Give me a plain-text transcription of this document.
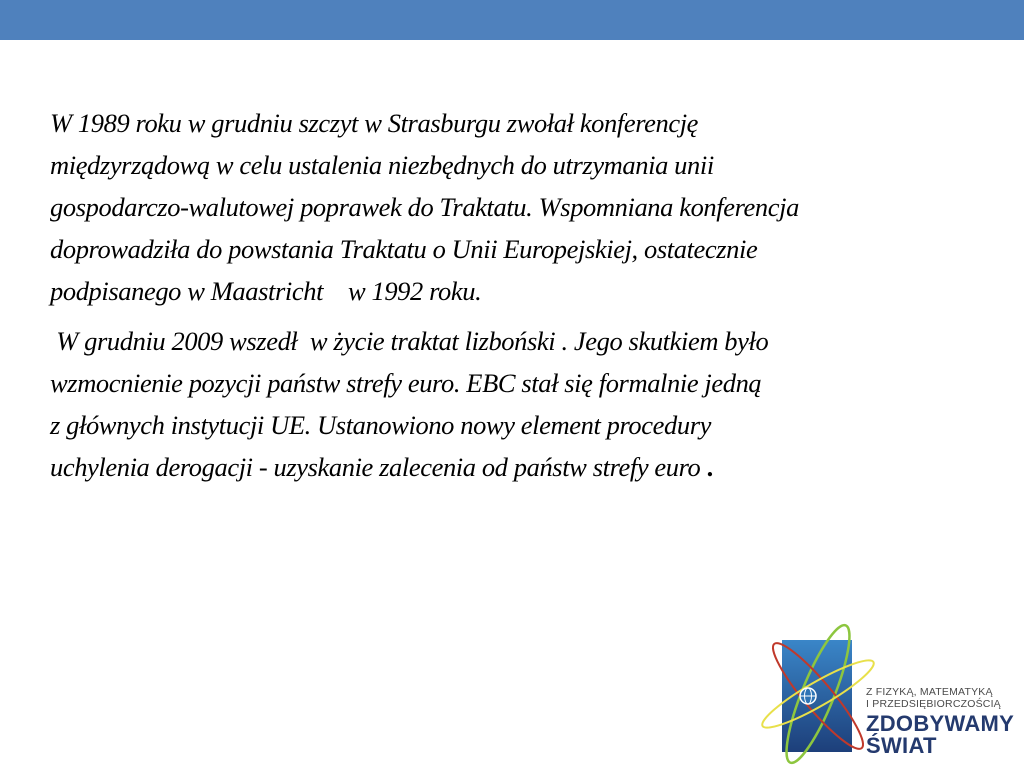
W 1989 roku w grudniu szczyt w Strasburgu zwołał konferencję
międzyrządową w celu ustalenia niezbędnych do utrzymania unii
gospodarczo-walutowej poprawek do Traktatu. Wspomniana konferencja
doprowadziła do powstania Traktatu o Unii Europejskiej, ostatecznie
podpisanego w Maastricht    w 1992 roku.

W grudniu 2009 wszedł  w życie traktat lizboński . Jego skutkiem było
wzmocnienie pozycji państw strefy euro. EBC stał się formalnie jedną
z głównych instytucji UE. Ustanowiono nowy element procedury
uchylenia derogacji - uzyskanie zalecenia od państw strefy euro .

Z FIZYKĄ, MATEMATYKĄ
I PRZEDSIĘBIORCZOŚCIĄ
ZDOBYWAMY
ŚWIAT
